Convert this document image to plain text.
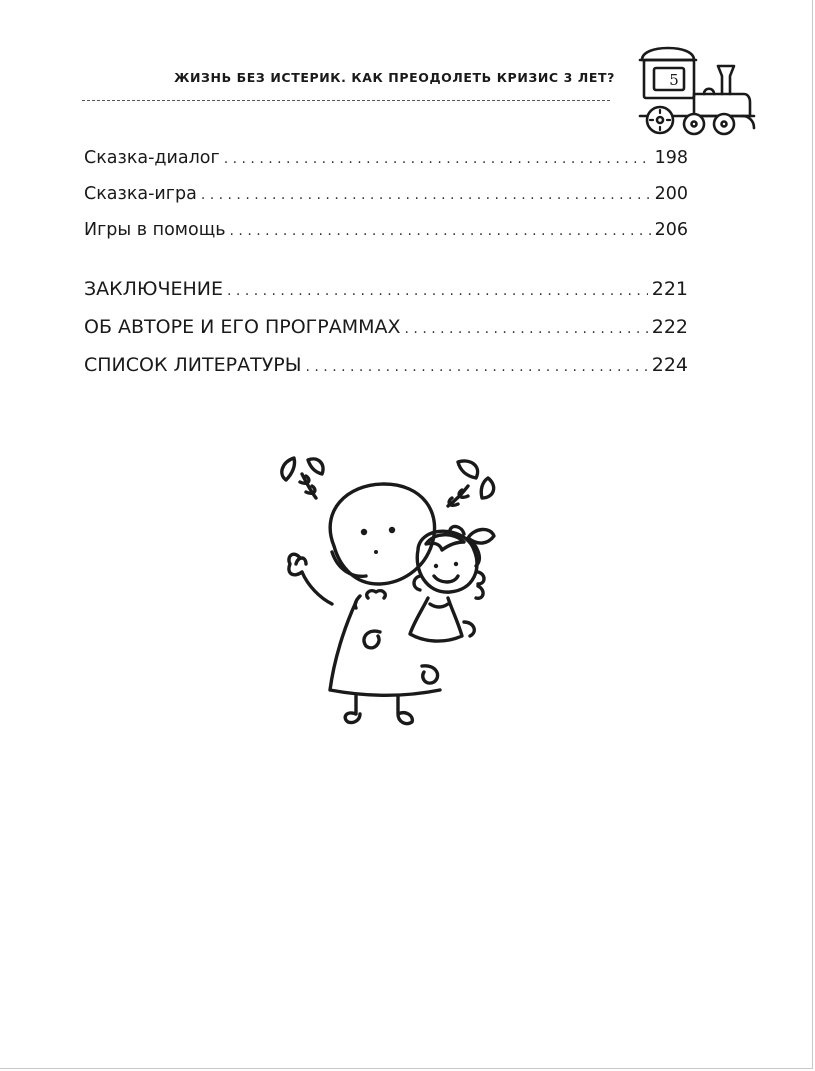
ЖИЗНЬ БЕЗ ИСТЕРИК. КАК ПРЕОДОЛЕТЬ КРИЗИС 3 ЛЕТ?	5
Сказка-диалог . . .	198
Сказка-игра . . .	200
Игры в помощь . . .	206
ЗАКЛЮЧЕНИЕ . . .	221
ОБ АВТОРЕ И ЕГО ПРОГРАММАХ . . .	222
СПИСОК ЛИТЕРАТУРЫ . . .	224
